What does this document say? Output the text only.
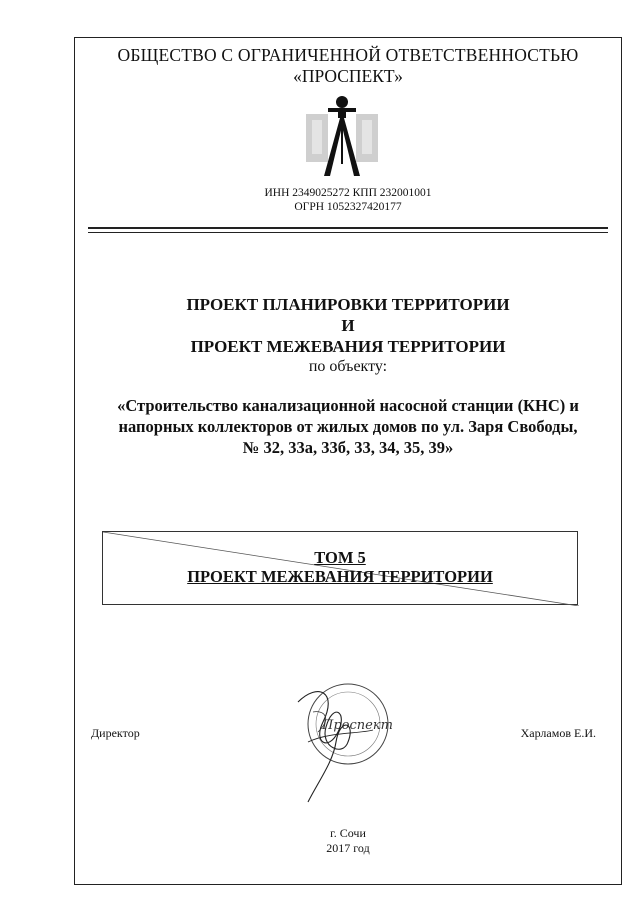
ОБЩЕСТВО С ОГРАНИЧЕННОЙ ОТВЕТСТВЕННОСТЬЮ
«ПРОСПЕКТ»
ИНН 2349025272 КПП 232001001
ОГРН 1052327420177
ПРОЕКТ ПЛАНИРОВКИ ТЕРРИТОРИИ
И
ПРОЕКТ МЕЖЕВАНИЯ ТЕРРИТОРИИ
по объекту:
«Строительство канализационной насосной станции (КНС) и
напорных коллекторов от жилых домов по ул. Заря Свободы,
№ 32, 33а, 33б, 33, 34, 35, 39»
ТОМ 5
ПРОЕКТ МЕЖЕВАНИЯ ТЕРРИТОРИИ
Директор	Харламов Е.И.
Проспект
г. Сочи
2017 год
